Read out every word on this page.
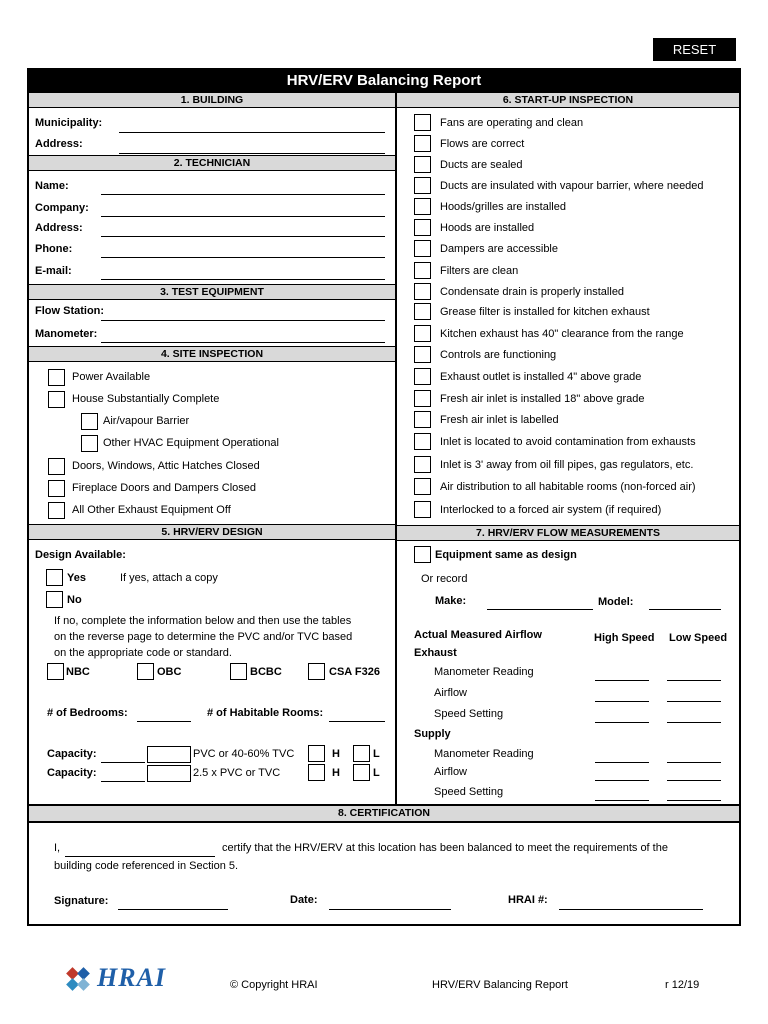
RESET
HRV/ERV Balancing Report
1. BUILDING
Municipality:
Address:
2. TECHNICIAN
Name:
Company:
Address:
Phone:
E-mail:
3. TEST EQUIPMENT
Flow Station:
Manometer:
4. SITE INSPECTION
Power Available
House Substantially Complete
Air/vapour Barrier
Other HVAC Equipment Operational
Doors, Windows, Attic Hatches Closed
Fireplace Doors and Dampers Closed
All Other Exhaust Equipment Off
5. HRV/ERV DESIGN
Design Available:
Yes	If yes, attach a copy
No
If no, complete the information below and then use the tables
on the reverse page to determine the PVC and/or TVC based
on the appropriate code or standard.
NBC	OBC	BCBC	CSA F326
# of Bedrooms:	# of Habitable Rooms:
Capacity:	PVC or 40-60% TVC	H	L
Capacity:	2.5 x PVC or TVC	H	L
6. START-UP INSPECTION
Fans are operating and clean
Flows are correct
Ducts are sealed
Ducts are insulated with vapour barrier, where needed
Hoods/grilles are installed
Hoods are installed
Dampers are accessible
Filters are clean
Condensate drain is properly installed
Grease filter is installed for kitchen exhaust
Kitchen exhaust has 40" clearance from the range
Controls are functioning
Exhaust outlet is installed 4" above grade
Fresh air inlet is installed 18" above grade
Fresh air inlet is labelled
Inlet is located to avoid contamination from exhausts
Inlet is 3' away from oil fill pipes, gas regulators, etc.
Air distribution to all habitable rooms (non-forced air)
Interlocked to a forced air system (if required)
7. HRV/ERV FLOW MEASUREMENTS
Equipment same as design
Or record
Make:	Model:
Actual Measured Airflow	High Speed Low Speed
Exhaust
Manometer Reading
Airflow
Speed Setting
Supply
Manometer Reading
Airflow
Speed Setting
8. CERTIFICATION
I,	certify that the HRV/ERV at this location has been balanced to meet the requirements of the
building code referenced in Section 5.
Signature:	Date:	HRAI #:
HRAI	© Copyright HRAI	HRV/ERV Balancing Report	r 12/19
